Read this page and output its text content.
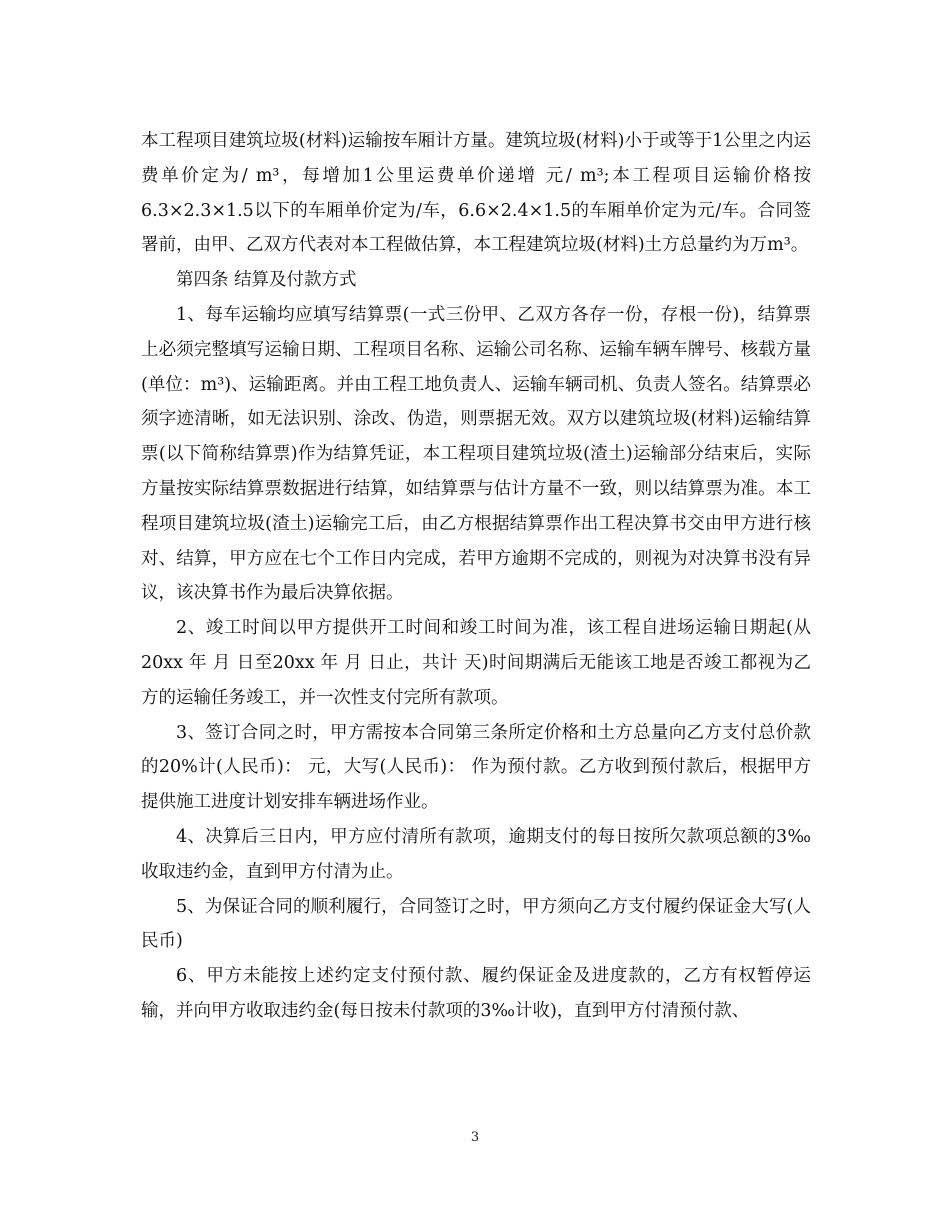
本工程项目建筑垃圾(材料)运输按车厢计方量。建筑垃圾(材料)小于或等于1公里之内运费单价定为/ m³，每增加1公里运费单价递增 元/ m³;本工程项目运输价格按6.3×2.3×1.5以下的车厢单价定为/车，6.6×2.4×1.5的车厢单价定为元/车。合同签署前，由甲、乙双方代表对本工程做估算，本工程建筑垃圾(材料)土方总量约为万m³。

第四条 结算及付款方式

1、每车运输均应填写结算票(一式三份甲、乙双方各存一份，存根一份)，结算票上必须完整填写运输日期、工程项目名称、运输公司名称、运输车辆车牌号、核载方量(单位：m³)、运输距离。并由工程工地负责人、运输车辆司机、负责人签名。结算票必须字迹清晰，如无法识别、涂改、伪造，则票据无效。双方以建筑垃圾(材料)运输结算票(以下简称结算票)作为结算凭证，本工程项目建筑垃圾(渣土)运输部分结束后，实际方量按实际结算票数据进行结算，如结算票与估计方量不一致，则以结算票为准。本工程项目建筑垃圾(渣土)运输完工后，由乙方根据结算票作出工程决算书交由甲方进行核对、结算，甲方应在七个工作日内完成，若甲方逾期不完成的，则视为对决算书没有异议，该决算书作为最后决算依据。

2、竣工时间以甲方提供开工时间和竣工时间为准，该工程自进场运输日期起(从20xx 年 月 日至20xx 年 月 日止，共计 天)时间期满后无能该工地是否竣工都视为乙方的运输任务竣工，并一次性支付完所有款项。

3、签订合同之时，甲方需按本合同第三条所定价格和土方总量向乙方支付总价款的20%计(人民币)： 元，大写(人民币)： 作为预付款。乙方收到预付款后，根据甲方提供施工进度计划安排车辆进场作业。

4、决算后三日内，甲方应付清所有款项，逾期支付的每日按所欠款项总额的3‰收取违约金，直到甲方付清为止。

5、为保证合同的顺利履行，合同签订之时，甲方须向乙方支付履约保证金大写(人民币)

6、甲方未能按上述约定支付预付款、履约保证金及进度款的，乙方有权暂停运输，并向甲方收取违约金(每日按未付款项的3‰计收)，直到甲方付清预付款、

3
